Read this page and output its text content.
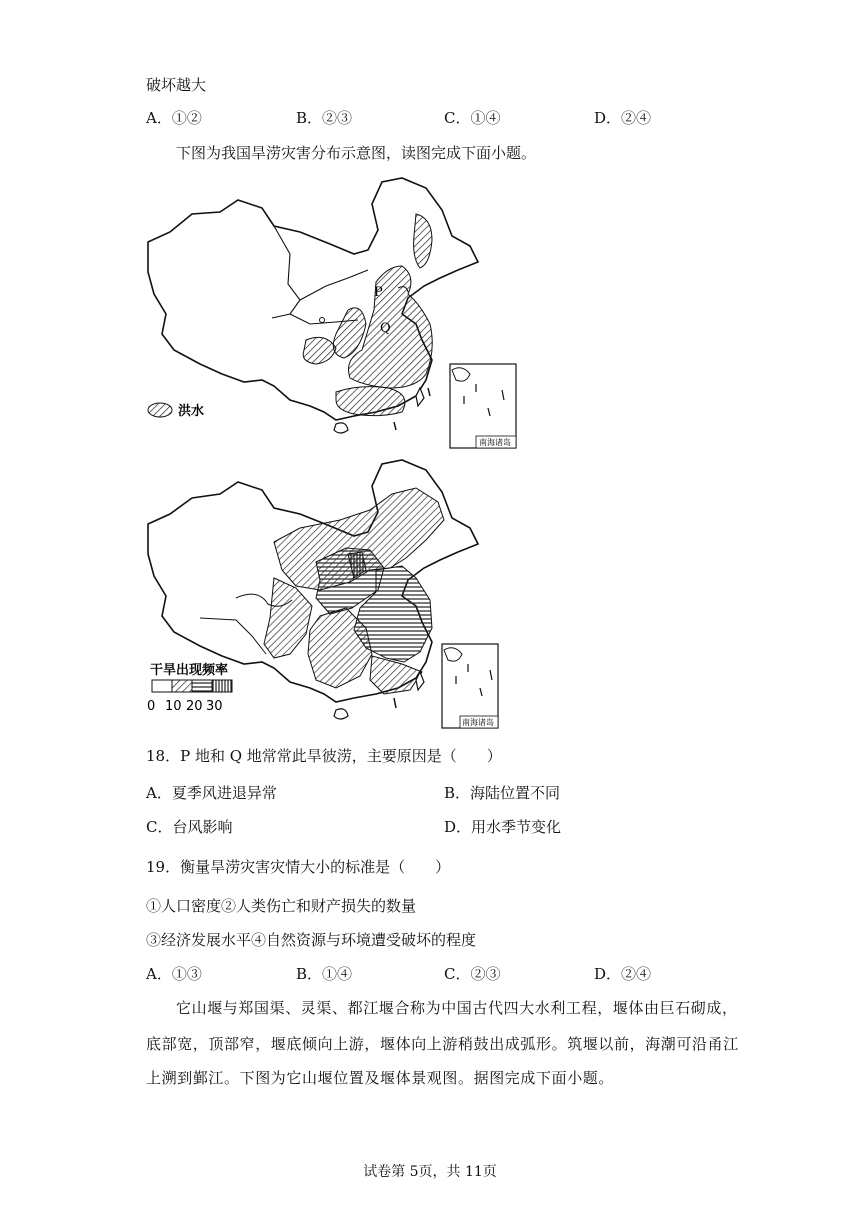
破坏越大
A．①②	B．②③	C．①④	D．②④
下图为我国旱涝灾害分布示意图，读图完成下面小题。
P
Q
洪水
南海诸岛
干旱出现频率
0 10 20 30
南海诸岛
18．P 地和 Q 地常常此旱彼涝，主要原因是（　　）
A．夏季风进退异常	B．海陆位置不同
C．台风影响	D．用水季节变化
19．衡量旱涝灾害灾情大小的标准是（　　）
①人口密度②人类伤亡和财产损失的数量
③经济发展水平④自然资源与环境遭受破坏的程度
A．①③	B．①④	C．②③	D．②④
它山堰与郑国渠、灵渠、都江堰合称为中国古代四大水利工程，堰体由巨石砌成，
底部宽，顶部窄，堰底倾向上游，堰体向上游稍鼓出成弧形。筑堰以前，海潮可沿甬江
上溯到鄞江。下图为它山堰位置及堰体景观图。据图完成下面小题。
试卷第 5页，共 11页
